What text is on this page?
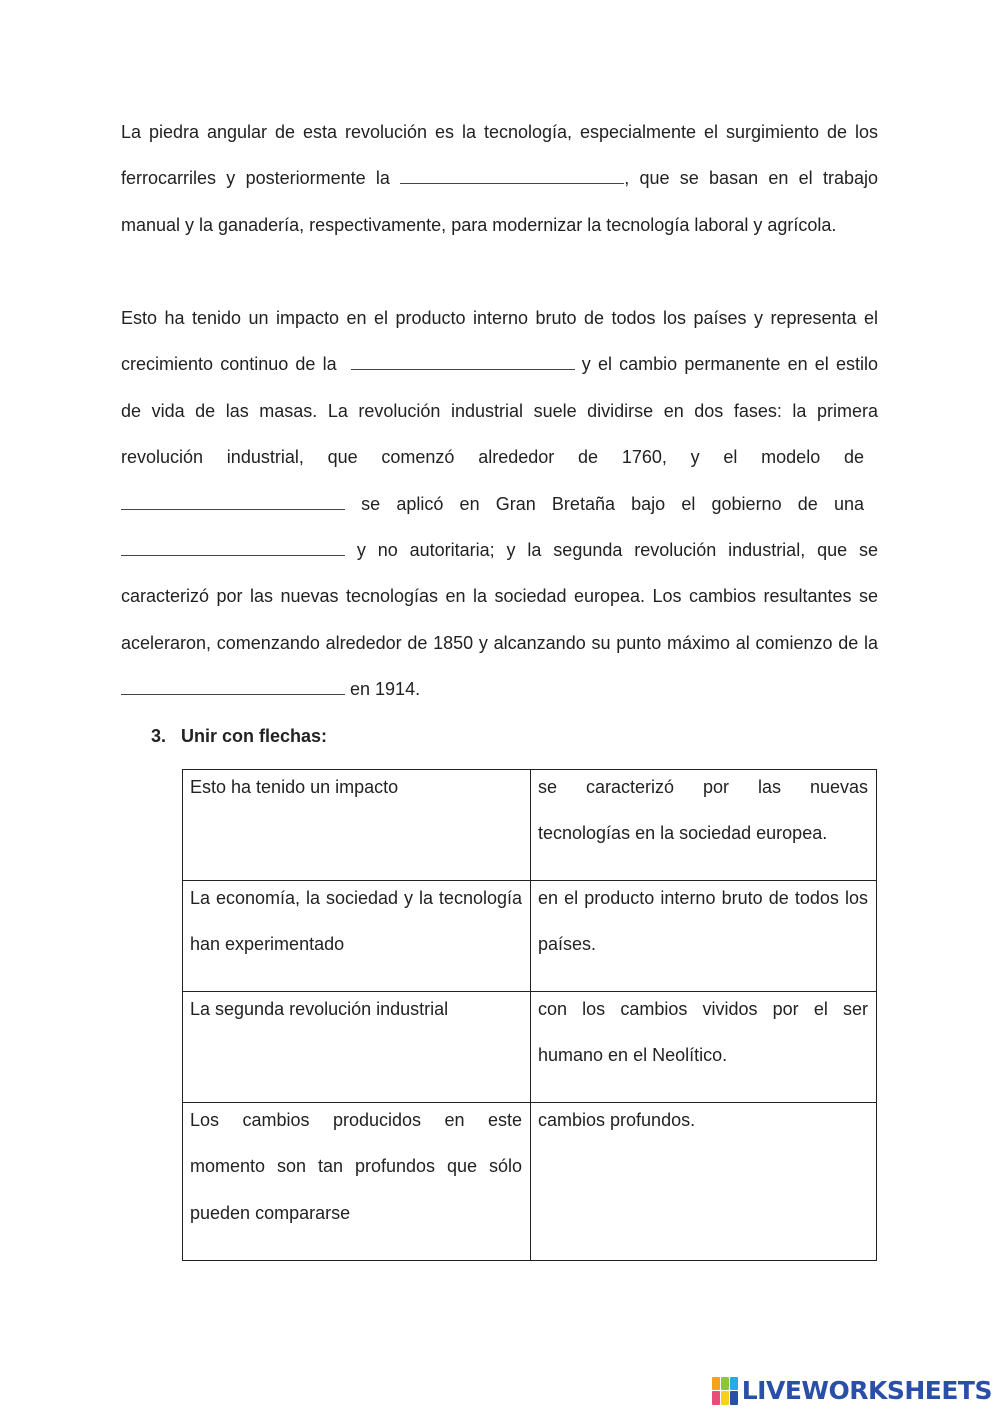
La piedra angular de esta revolución es la tecnología, especialmente el surgimiento de los ferrocarriles y posteriormente la	, que se basan en el trabajo manual y la ganadería, respectivamente, para modernizar la tecnología laboral y agrícola.

Esto ha tenido un impacto en el producto interno bruto de todos los países y representa el crecimiento continuo de la	y el cambio permanente en el estilo de vida de las masas. La revolución industrial suele dividirse en dos fases: la primera revolución industrial, que comenzó alrededor de 1760, y el modelo de se aplicó en Gran Bretaña bajo el gobierno de una y no autoritaria; y la segunda revolución industrial, que se caracterizó por las nuevas tecnologías en la sociedad europea. Los cambios resultantes se aceleraron, comenzando alrededor de 1850 y alcanzando su punto máximo al comienzo de la  en 1914.

3. Unir con flechas:

Esto ha tenido un impacto	se caracterizó por las nuevas tecnologías en la sociedad europea.

La economía, la sociedad y la tecnología han experimentado	en el producto interno bruto de todos los países.

La segunda revolución industrial	con los cambios vividos por el ser humano en el Neolítico.

Los cambios producidos en este momento son tan profundos que sólo pueden compararse	cambios profundos.
LIVEWORKSHEETS
